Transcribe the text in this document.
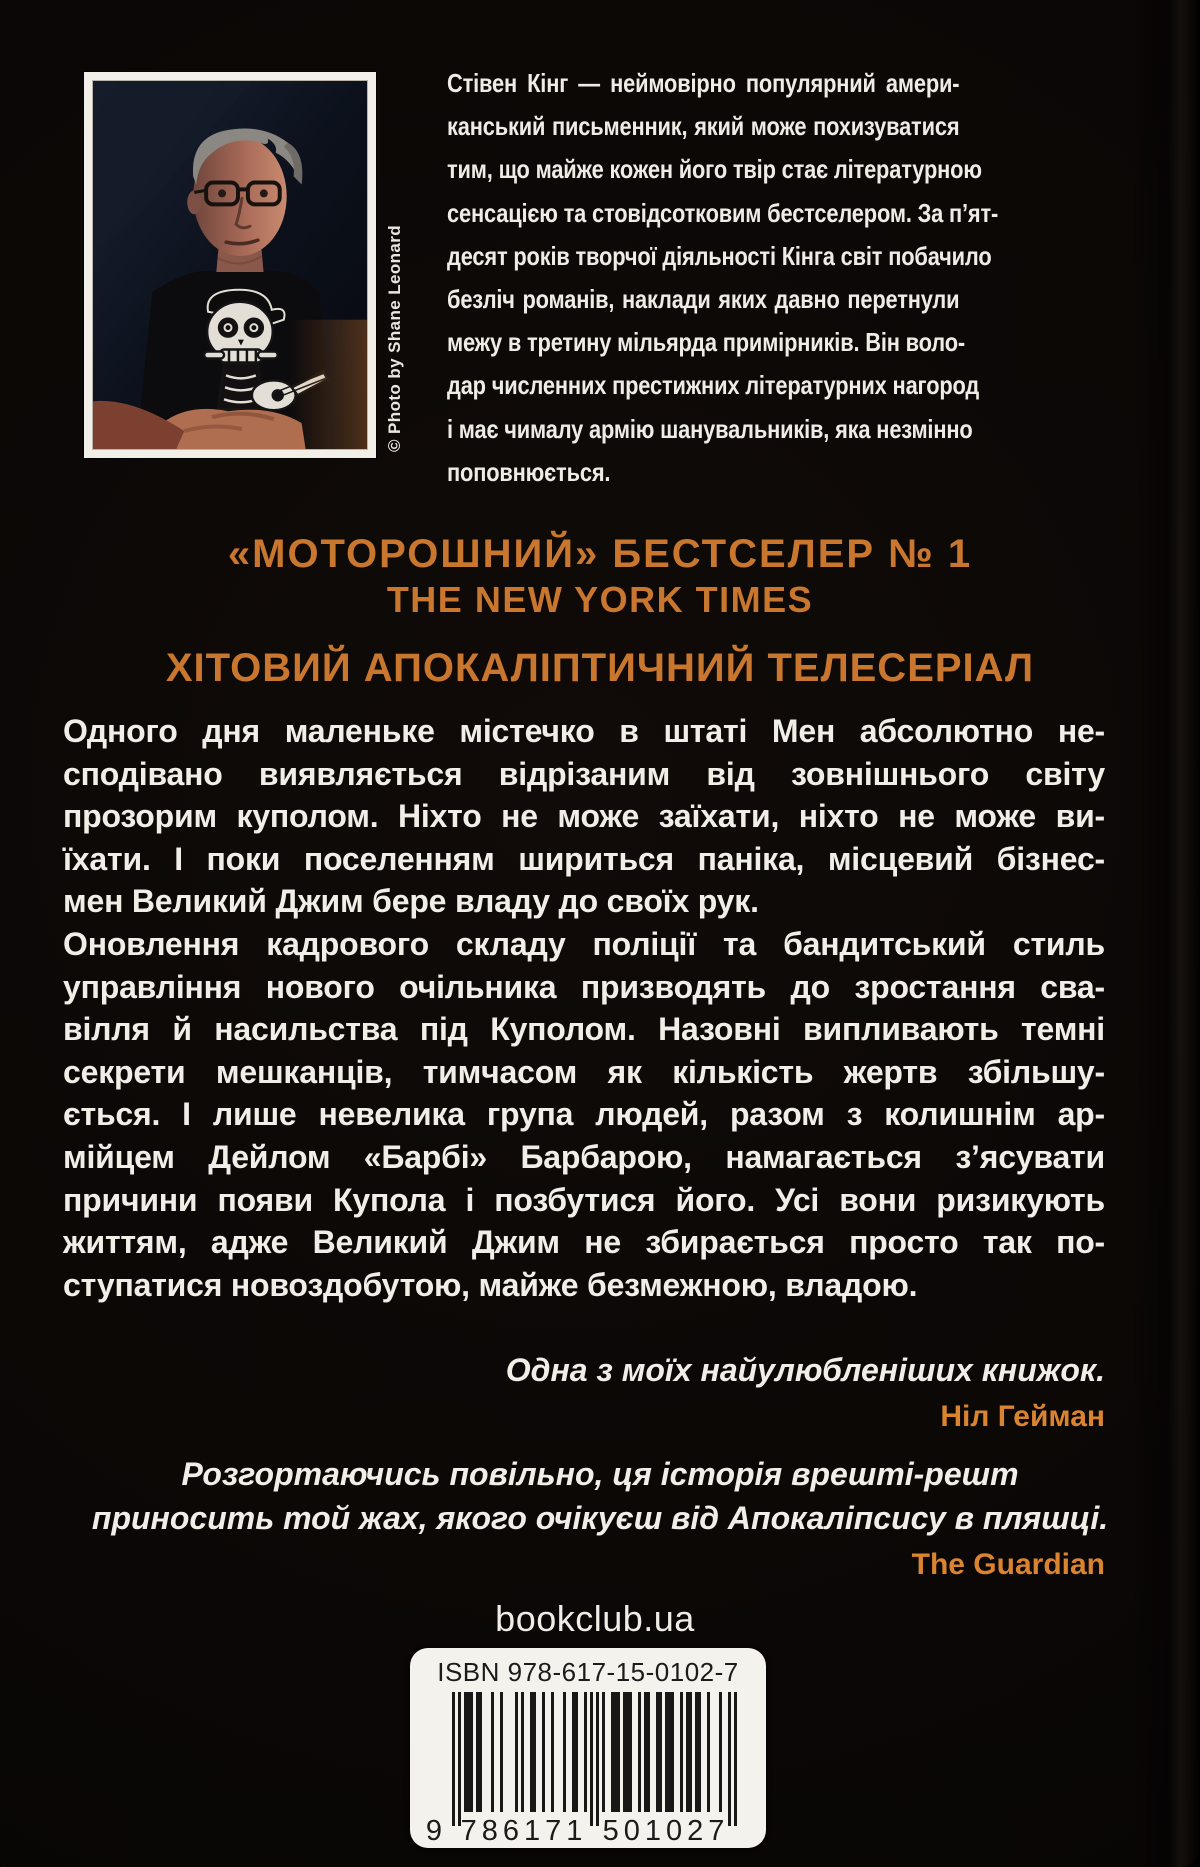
© Photo by Shane Leonard
Стівен Кінг — неймовірно популярний амери-
канський письменник, який може похизуватися
тим, що майже кожен його твір стає літературною
сенсацією та стовідсотковим бестселером. За п’ят-
десят років творчої діяльності Кінга світ побачило
безліч романів, наклади яких давно перетнули
межу в третину мільярда примірників. Він воло-
дар численних престижних літературних нагород
і має чималу армію шанувальників, яка незмінно
поповнюється.
«МОТОРОШНИЙ» БЕСТСЕЛЕР № 1
THE NEW YORK TIMES
ХІТОВИЙ АПОКАЛІПТИЧНИЙ ТЕЛЕСЕРІАЛ
Одного дня маленьке містечко в штаті Мен абсолютно не-
сподівано виявляється відрізаним від зовнішнього світу
прозорим куполом. Ніхто не може заїхати, ніхто не може ви-
їхати. І поки поселенням шириться паніка, місцевий бізнес-
мен Великий Джим бере владу до своїх рук.
Оновлення кадрового складу поліції та бандитський стиль
управління нового очільника призводять до зростання сва-
вілля й насильства під Куполом. Назовні випливають темні
секрети мешканців, тимчасом як кількість жертв збільшу-
ється. І лише невелика група людей, разом з колишнім ар-
мійцем Дейлом «Барбі» Барбарою, намагається з’ясувати
причини появи Купола і позбутися його. Усі вони ризикують
життям, адже Великий Джим не збирається просто так по-
ступатися новоздобутою, майже безмежною, владою.
Одна з моїх найулюбленіших книжок.
Ніл Гейман
Розгортаючись повільно, ця історія врешті-решт
приносить той жах, якого очікуєш від Апокаліпсису в пляшці.
The Guardian
bookclub.ua
ISBN 978-617-15-0102-7
9 786171 501027
